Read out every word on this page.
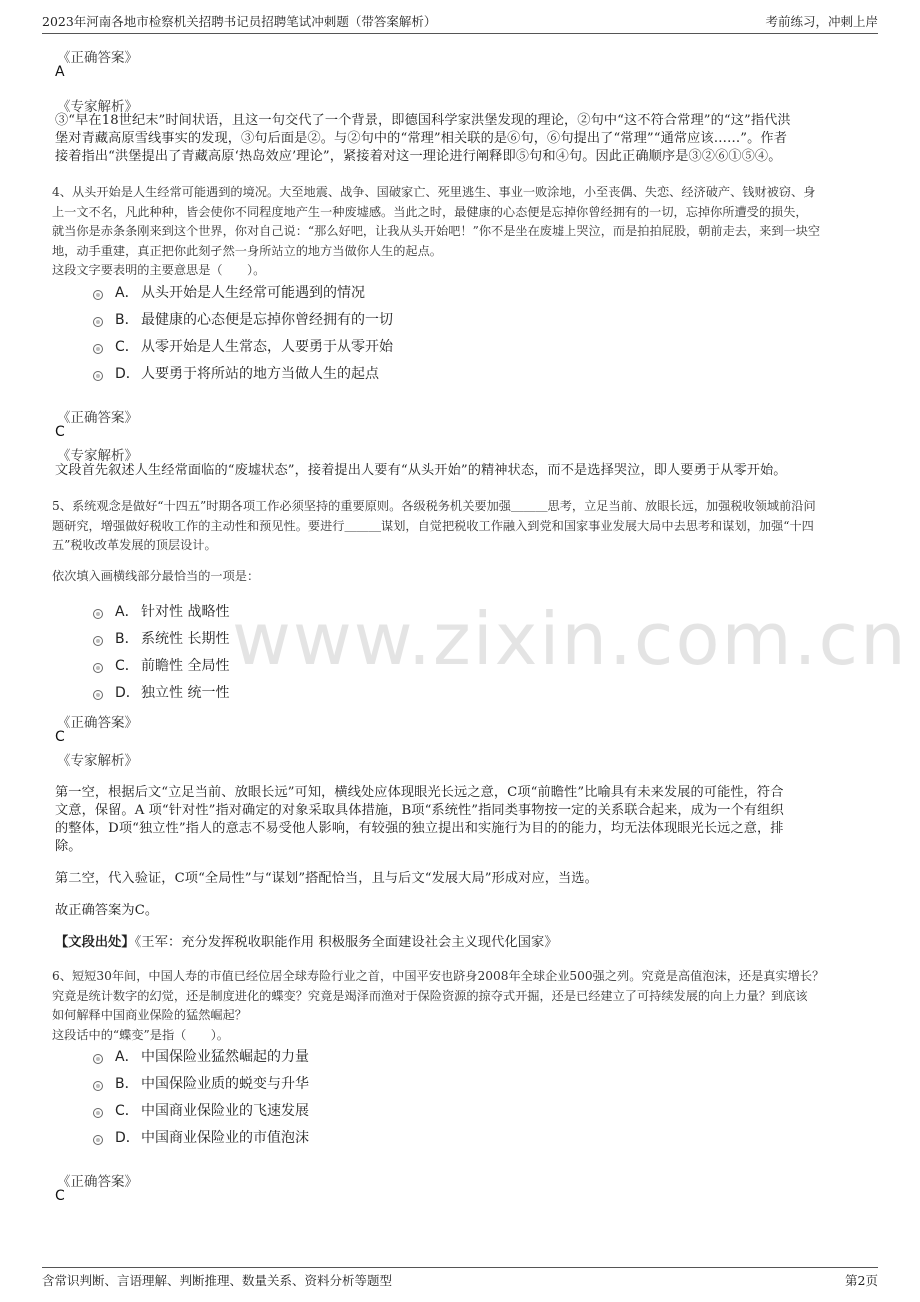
2023年河南各地市检察机关招聘书记员招聘笔试冲刺题（带答案解析）	考前练习，冲刺上岸
www.zixin.com.cn
《正确答案》
A
《专家解析》
③“早在18世纪末”时间状语，且这一句交代了一个背景，即德国科学家洪堡发现的理论，②句中“这不符合常理”的“这”指代洪
堡对青藏高原雪线事实的发现，③句后面是②。与②句中的“常理”相关联的是⑥句，⑥句提出了“常理”“通常应该……”。作者
接着指出“洪堡提出了青藏高原‘热岛效应’理论”，紧接着对这一理论进行阐释即⑤句和④句。因此正确顺序是③②⑥①⑤④。
4、从头开始是人生经常可能遇到的境况。大至地震、战争、国破家亡、死里逃生、事业一败涂地，小至丧偶、失恋、经济破产、钱财被窃、身
上一文不名，凡此种种，皆会使你不同程度地产生一种废墟感。当此之时，最健康的心态便是忘掉你曾经拥有的一切，忘掉你所遭受的损失，
就当你是赤条条刚来到这个世界，你对自己说：“那么好吧，让我从头开始吧！”你不是坐在废墟上哭泣，而是拍拍屁股，朝前走去，来到一块空
地，动手重建，真正把你此刻孑然一身所站立的地方当做你人生的起点。
这段文字要表明的主要意思是（　　）。
A． 从头开始是人生经常可能遇到的情况
B． 最健康的心态便是忘掉你曾经拥有的一切
C． 从零开始是人生常态，人要勇于从零开始
D． 人要勇于将所站的地方当做人生的起点
《正确答案》
C
《专家解析》
文段首先叙述人生经常面临的“废墟状态”，接着提出人要有“从头开始”的精神状态，而不是选择哭泣，即人要勇于从零开始。
5、系统观念是做好“十四五”时期各项工作必须坚持的重要原则。各级税务机关要加强＿＿＿思考，立足当前、放眼长远，加强税收领域前沿问
题研究，增强做好税收工作的主动性和预见性。要进行＿＿＿谋划，自觉把税收工作融入到党和国家事业发展大局中去思考和谋划，加强“十四
五”税收改革发展的顶层设计。
依次填入画横线部分最恰当的一项是：
A． 针对性 战略性
B． 系统性 长期性
C． 前瞻性 全局性
D． 独立性 统一性
《正确答案》
C
《专家解析》
第一空，根据后文“立足当前、放眼长远”可知，横线处应体现眼光长远之意，C项“前瞻性”比喻具有未来发展的可能性，符合
文意，保留。A 项“针对性”指对确定的对象采取具体措施，B项“系统性”指同类事物按一定的关系联合起来，成为一个有组织
的整体，D项“独立性”指人的意志不易受他人影响，有较强的独立提出和实施行为目的的能力，均无法体现眼光长远之意，排
除。
第二空，代入验证，C项“全局性”与“谋划”搭配恰当，且与后文“发展大局”形成对应，当选。
故正确答案为C。
【文段出处】《王军：充分发挥税收职能作用 积极服务全面建设社会主义现代化国家》
6、短短30年间，中国人寿的市值已经位居全球寿险行业之首，中国平安也跻身2008年全球企业500强之列。究竟是高值泡沫，还是真实增长？
究竟是统计数字的幻觉，还是制度进化的蝶变？究竟是竭泽而渔对于保险资源的掠夺式开掘，还是已经建立了可持续发展的向上力量？到底该
如何解释中国商业保险的猛然崛起？
这段话中的“蝶变”是指（　　）。
A． 中国保险业猛然崛起的力量
B． 中国保险业质的蜕变与升华
C． 中国商业保险业的飞速发展
D． 中国商业保险业的市值泡沫
《正确答案》
C
含常识判断、言语理解、判断推理、数量关系、资料分析等题型	第2页
